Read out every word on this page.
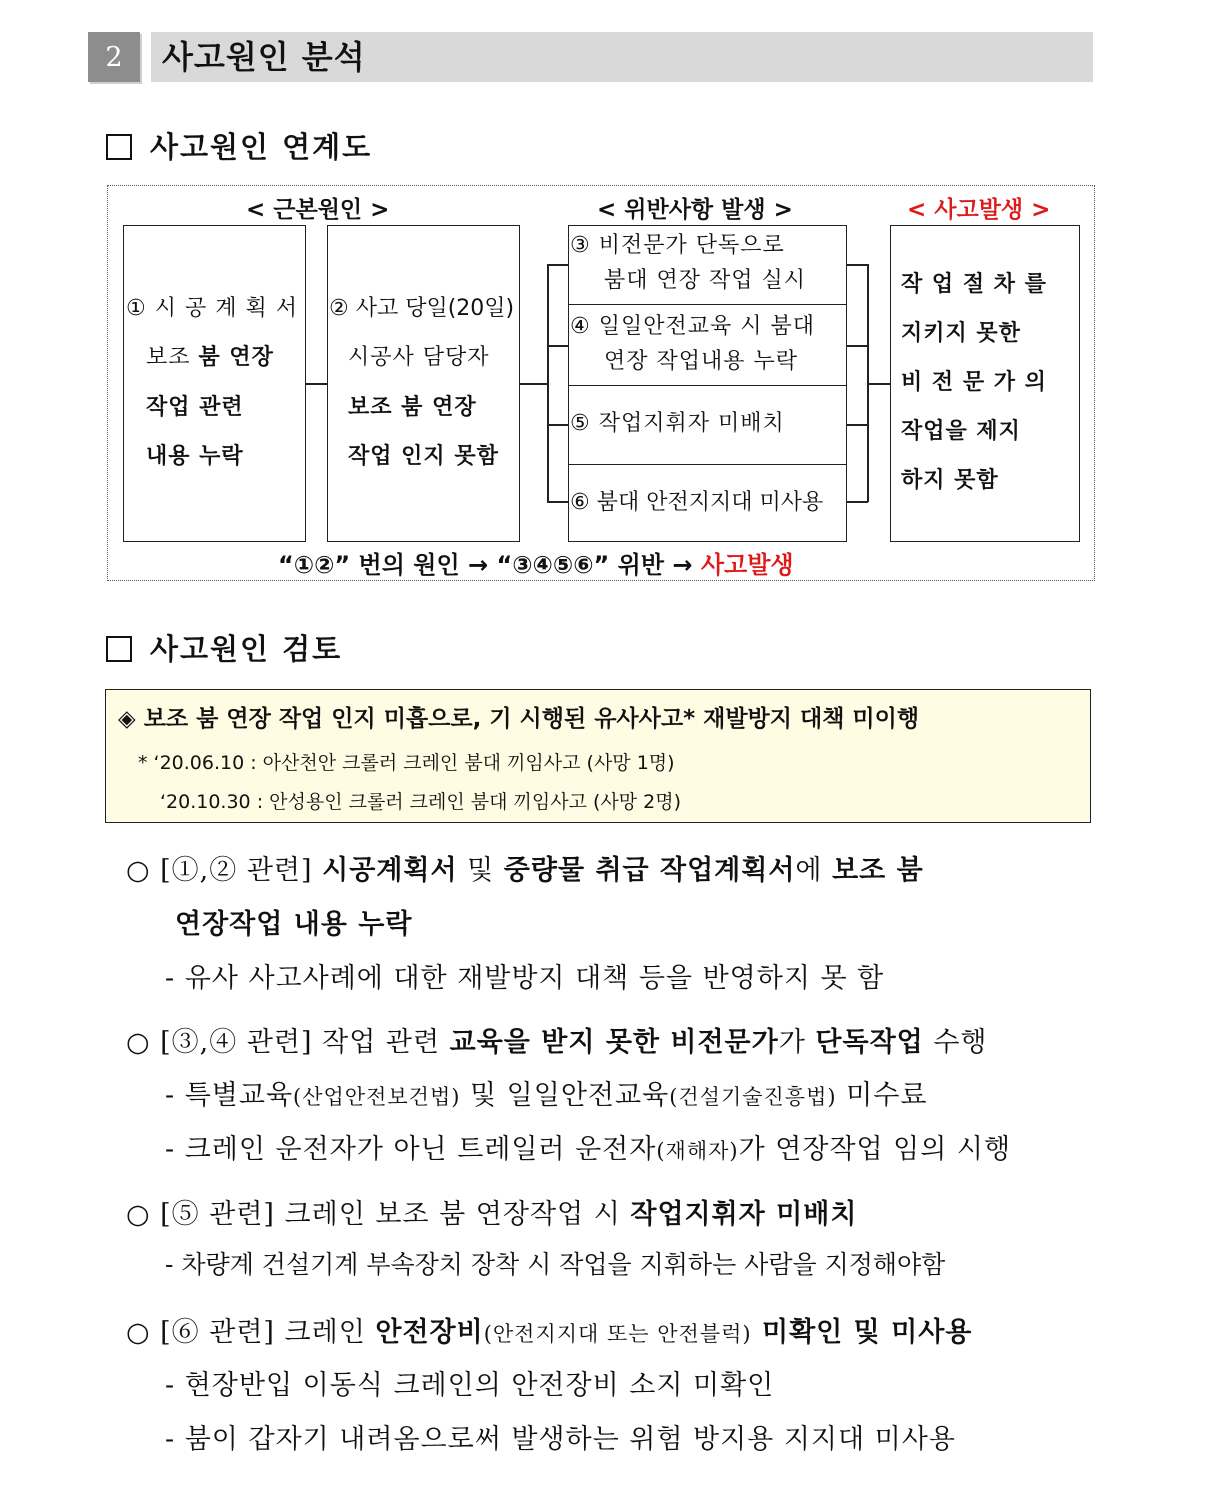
2	사고원인 분석
사고원인 연계도
< 근본원인 >	< 위반사항 발생 >	< 사고발생 >
① 시 공 계 획 서
보조 붐 연장
작업 관련
내용 누락
② 사고 당일(20일)
시공사 담당자
보조 붐 연장
작업 인지 못함
③ 비전문가 단독으로
붐대 연장 작업 실시
④ 일일안전교육 시 붐대
연장 작업내용 누락
⑤ 작업지휘자 미배치
⑥ 붐대 안전지지대 미사용
작 업 절 차 를
지키지 못한
비 전 문 가 의
작업을 제지
하지 못함
“①②” 번의 원인 → “③④⑤⑥” 위반 → 사고발생
사고원인 검토
◈ 보조 붐 연장 작업 인지 미흡으로, 기 시행된 유사사고* 재발방지 대책 미이행
* ‘20.06.10 : 아산천안 크롤러 크레인 붐대 끼임사고 (사망 1명)
‘20.10.30 : 안성용인 크롤러 크레인 붐대 끼임사고 (사망 2명)
○ [①,② 관련] 시공계획서 및 중량물 취급 작업계획서에 보조 붐
연장작업 내용 누락
- 유사 사고사례에 대한 재발방지 대책 등을 반영하지 못 함
○ [③,④ 관련] 작업 관련 교육을 받지 못한 비전문가가 단독작업 수행
- 특별교육(산업안전보건법) 및 일일안전교육(건설기술진흥법) 미수료
- 크레인 운전자가 아닌 트레일러 운전자(재해자)가 연장작업 임의 시행
○ [⑤ 관련] 크레인 보조 붐 연장작업 시 작업지휘자 미배치
- 차량계 건설기계 부속장치 장착 시 작업을 지휘하는 사람을 지정해야함
○ [⑥ 관련] 크레인 안전장비(안전지지대 또는 안전블럭) 미확인 및 미사용
- 현장반입 이동식 크레인의 안전장비 소지 미확인
- 붐이 갑자기 내려옴으로써 발생하는 위험 방지용 지지대 미사용
